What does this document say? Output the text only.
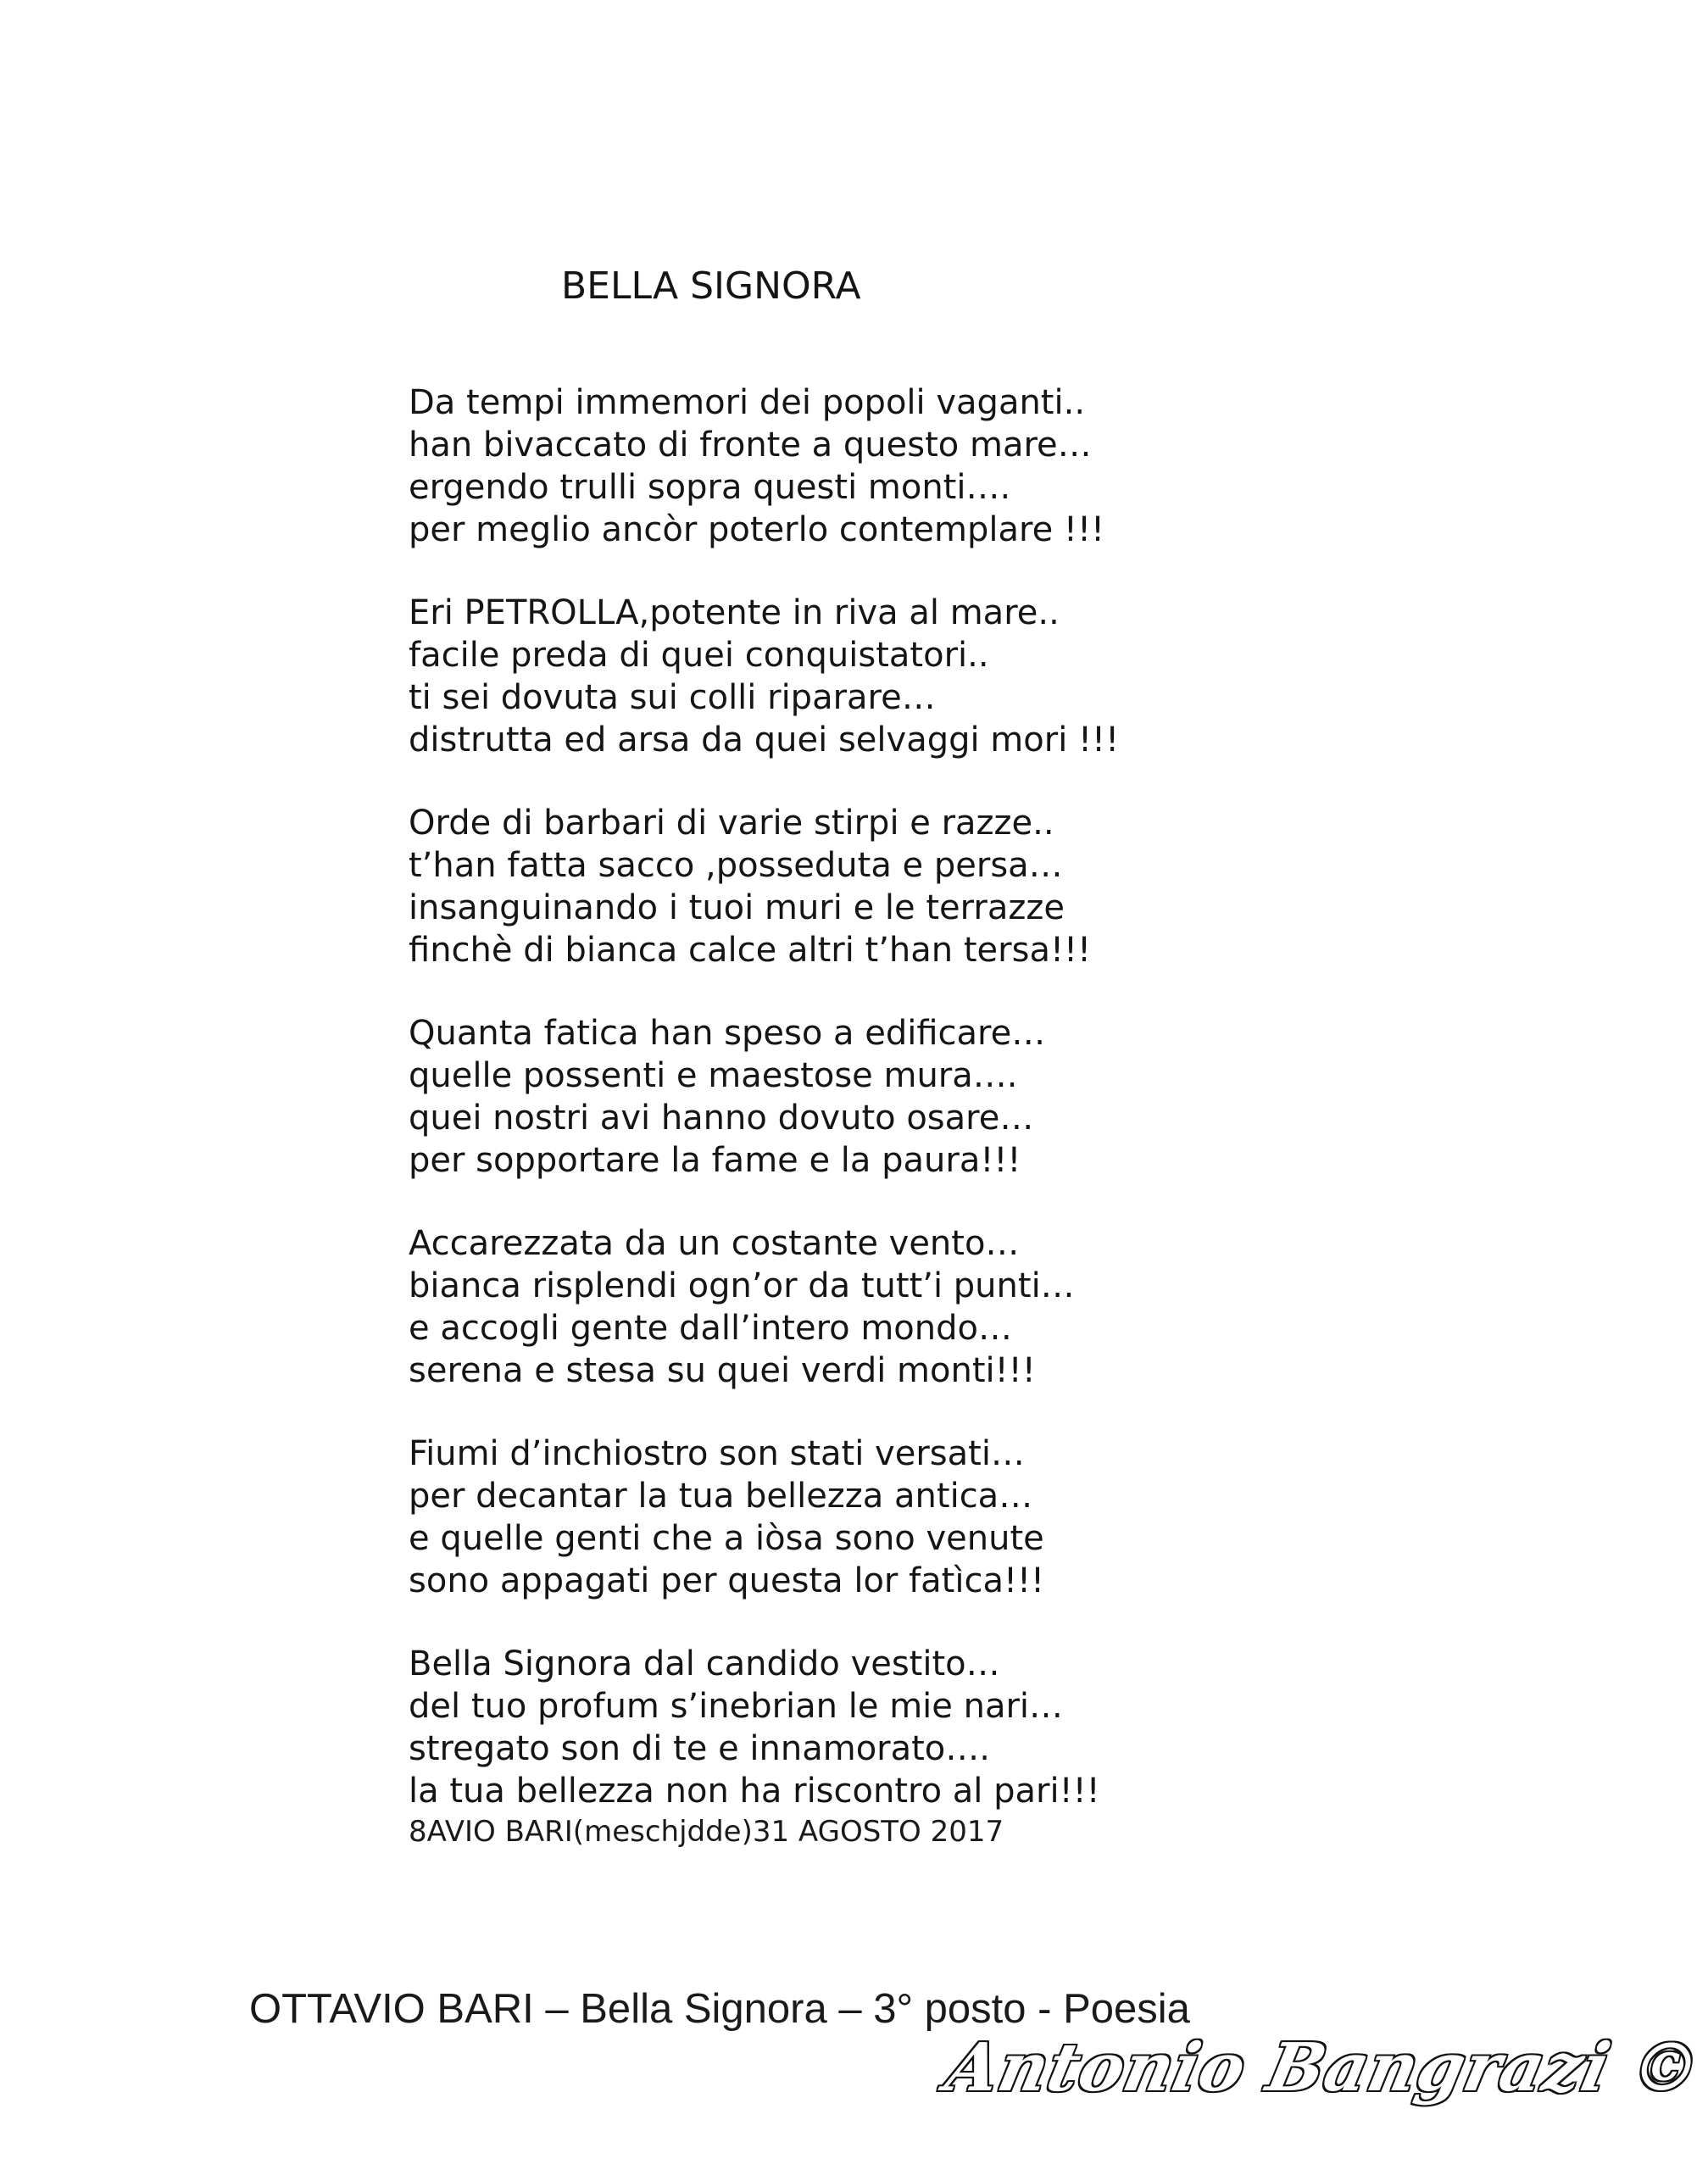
BELLA SIGNORA
Da tempi immemori dei popoli vaganti..
han bivaccato di fronte a questo mare…
ergendo trulli sopra questi monti….
per meglio ancòr poterlo contemplare !!!
Eri PETROLLA,potente in riva al mare..
facile preda di quei conquistatori..
ti sei dovuta sui colli riparare…
distrutta ed arsa da quei selvaggi mori !!!
Orde di barbari di varie stirpi e razze..
t’han fatta sacco ,posseduta e persa…
insanguinando i tuoi muri e le terrazze
finchè di bianca calce altri t’han tersa!!!
Quanta fatica han speso a edificare…
quelle possenti e maestose mura….
quei nostri avi hanno dovuto osare…
per sopportare la fame e la paura!!!
Accarezzata da un costante vento…
bianca risplendi ogn’or da tutt’i punti…
e accogli gente dall’intero mondo…
serena e stesa su quei verdi monti!!!
Fiumi d’inchiostro son stati versati…
per decantar la tua bellezza antica…
e quelle genti che a iòsa sono venute
sono appagati per questa lor fatìca!!!
Bella Signora dal candido vestito…
del tuo profum s’inebrian le mie nari…
stregato son di te e innamorato….
la tua bellezza non ha riscontro al pari!!!
8AVIO BARI(meschjdde)31 AGOSTO 2017
OTTAVIO BARI – Bella Signora – 3° posto - Poesia
Antonio Bangrazi ©
